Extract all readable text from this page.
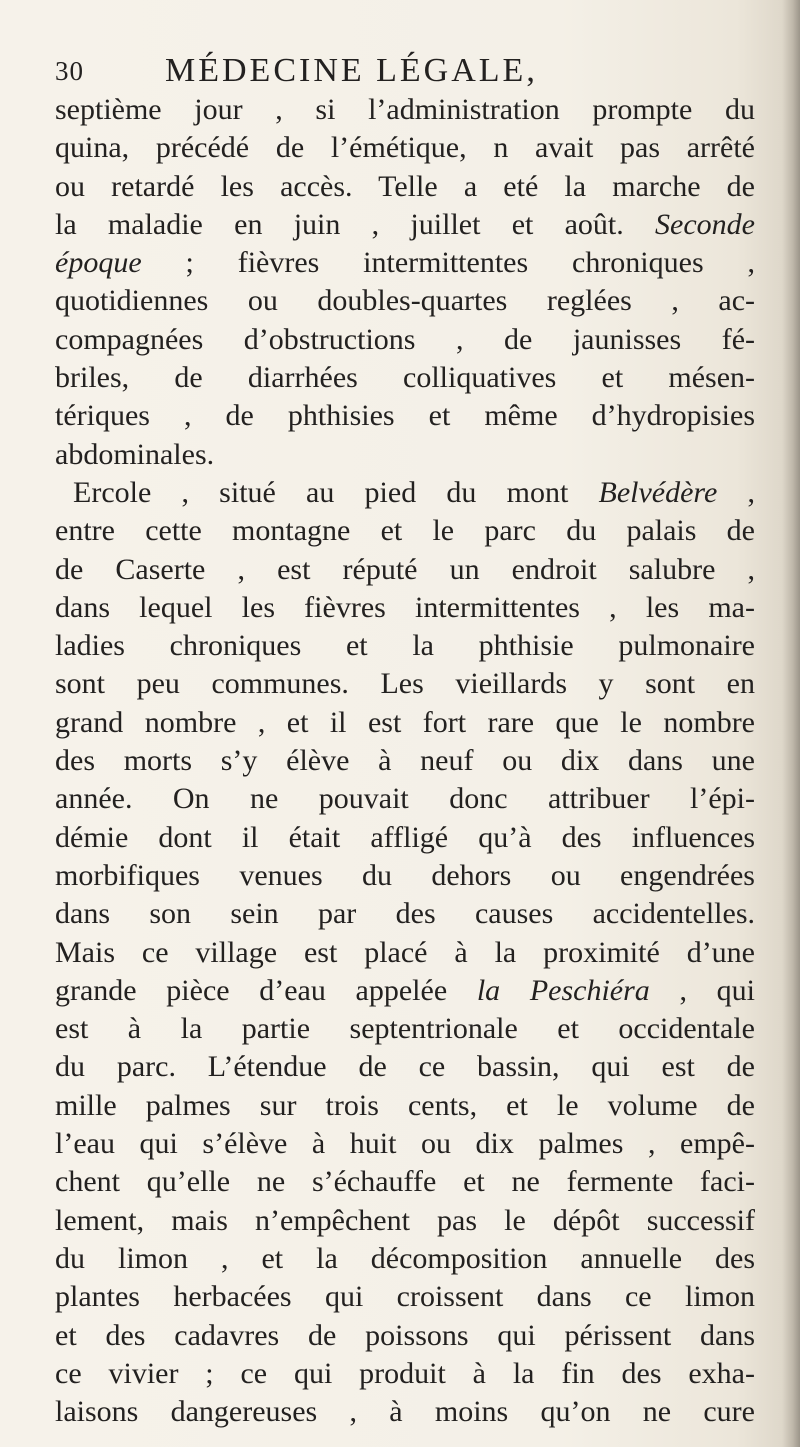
30 MÉDECINE LÉGALE,
septième jour , si l’administration prompte du
quina, précédé de l’émétique, n avait pas arrêté
ou retardé les accès. Telle a eté la marche de
la maladie en juin , juillet et août. Seconde
époque ; fièvres intermittentes chroniques ,
quotidiennes ou doubles-quartes reglées , ac-
compagnées d’obstructions , de jaunisses fé-
briles, de diarrhées colliquatives et mésen-
tériques , de phthisies et même d’hydropisies
abdominales.
Ercole , situé au pied du mont Belvédère ,
entre cette montagne et le parc du palais de
de Caserte , est réputé un endroit salubre ,
dans lequel les fièvres intermittentes , les ma-
ladies chroniques et la phthisie pulmonaire
sont peu communes. Les vieillards y sont en
grand nombre , et il est fort rare que le nombre
des morts s’y élève à neuf ou dix dans une
année. On ne pouvait donc attribuer l’épi-
démie dont il était affligé qu’à des influences
morbifiques venues du dehors ou engendrées
dans son sein par des causes accidentelles.
Mais ce village est placé à la proximité d’une
grande pièce d’eau appelée la Peschiéra , qui
est à la partie septentrionale et occidentale
du parc. L’étendue de ce bassin, qui est de
mille palmes sur trois cents, et le volume de
l’eau qui s’élève à huit ou dix palmes , empê-
chent qu’elle ne s’échauffe et ne fermente faci-
lement, mais n’empêchent pas le dépôt successif
du limon , et la décomposition annuelle des
plantes herbacées qui croissent dans ce limon
et des cadavres de poissons qui périssent dans
ce vivier ; ce qui produit à la fin des exha-
laisons dangereuses , à moins qu’on ne cure
